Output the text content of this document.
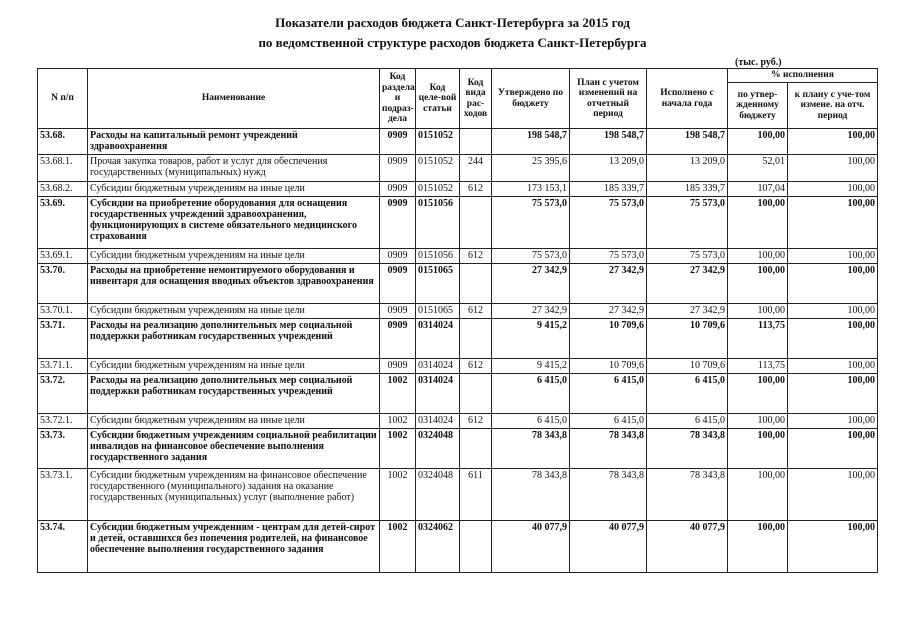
Показатели расходов бюджета Санкт-Петербурга за 2015 год
по ведомственной структуре расходов бюджета Санкт-Петербурга
(тыс. руб.)
N п/п	Наименование	Код раздела и подраз-дела	Код целе-вой статьи	Код вида рас-ходов	Утверждено по бюджету	План с учетом изменений на отчетный период	Исполнено с начала года	% исполнения	
								по утвер-жденному бюджету	к плану с уче-том измене. на отч. период
53.68.	Расходы на капитальный ремонт учреждений здравоохранения	0909	0151052		198 548,7	198 548,7	198 548,7	100,00	100,00
53.68.1.	Прочая закупка товаров, работ и услуг для обеспечения государственных (муниципальных) нужд	0909	0151052	244	25 395,6	13 209,0	13 209,0	52,01	100,00
53.68.2.	Субсидии бюджетным учреждениям на иные цели	0909	0151052	612	173 153,1	185 339,7	185 339,7	107,04	100,00
53.69.	Субсидии на приобретение оборудования для оснащения государственных учреждений здравоохранения, функционирующих в системе обязательного медицинского страхования	0909	0151056		75 573,0	75 573,0	75 573,0	100,00	100,00
53.69.1.	Субсидии бюджетным учреждениям на иные цели	0909	0151056	612	75 573,0	75 573,0	75 573,0	100,00	100,00
53.70.	Расходы на приобретение немонтируемого оборудования и инвентаря для оснащения вводных объектов здравоохранения	0909	0151065		27 342,9	27 342,9	27 342,9	100,00	100,00
53.70.1.	Субсидии бюджетным учреждениям на иные цели	0909	0151065	612	27 342,9	27 342,9	27 342,9	100,00	100,00
53.71.	Расходы на реализацию дополнительных мер социальной поддержки работникам государственных учреждений	0909	0314024		9 415,2	10 709,6	10 709,6	113,75	100,00
53.71.1.	Субсидии бюджетным учреждениям на иные цели	0909	0314024	612	9 415,2	10 709,6	10 709,6	113,75	100,00
53.72.	Расходы на реализацию дополнительных мер социальной поддержки работникам государственных учреждений	1002	0314024		6 415,0	6 415,0	6 415,0	100,00	100,00
53.72.1.	Субсидии бюджетным учреждениям на иные цели	1002	0314024	612	6 415,0	6 415,0	6 415,0	100,00	100,00
53.73.	Субсидии бюджетным учреждениям социальной реабилитации инвалидов на финансовое обеспечение выполнения государственного задания	1002	0324048		78 343,8	78 343,8	78 343,8	100,00	100,00
53.73.1.	Субсидии бюджетным учреждениям на финансовое обеспечение государственного (муниципального) задания на оказание государственных (муниципальных) услуг (выполнение работ)	1002	0324048	611	78 343,8	78 343,8	78 343,8	100,00	100,00
53.74.	Субсидии бюджетным учреждениям - центрам для детей-сирот и детей, оставшихся без попечения родителей, на финансовое обеспечение выполнения государственного задания	1002	0324062		40 077,9	40 077,9	40 077,9	100,00	100,00
